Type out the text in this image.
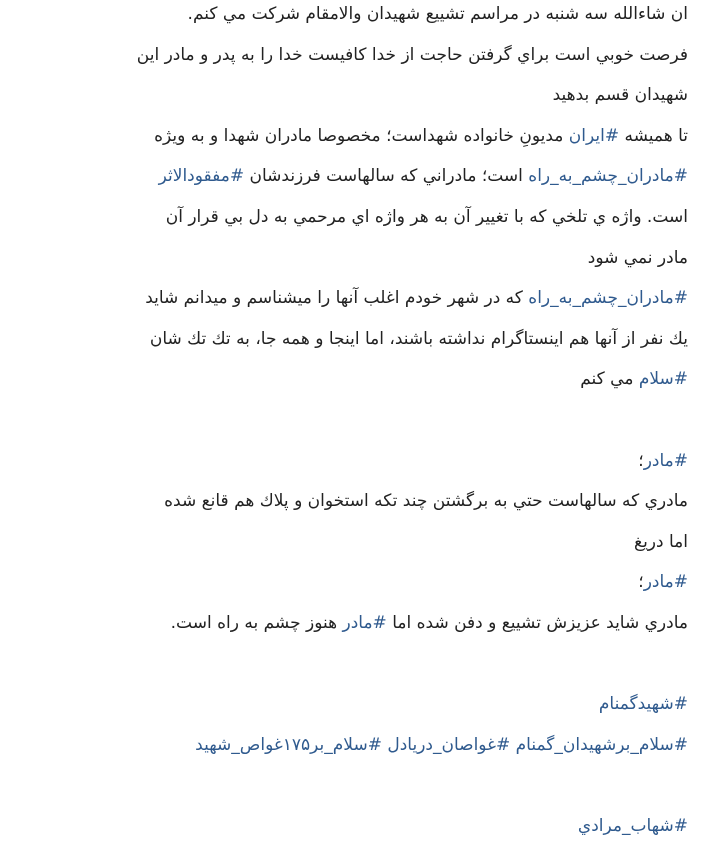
ان شاءالله سه شنبه در مراسم تشييع شهيدان والامقام شركت مي كنم.
فرصت خوبي است براي گرفتن حاجت از خدا كافيست خدا را به پدر و مادر اين
شهيدان قسم بدهيد
تا هميشه #ايران مديونِ خانواده شهداست؛ مخصوصا مادران شهدا و به ويژه
#مادران_چشم_به_راه است؛ مادراني كه سالهاست فرزندشان #مفقودالاثر
است. واژه ي تلخي كه با تغيير آن به هر واژه اي مرحمي به دل بي قرار آن
مادر نمي شود
#مادران_چشم_به_راه كه در شهر خودم اغلب آنها را ميشناسم و ميدانم شايد
يك نفر از آنها هم اينستاگرام نداشته باشند، اما اينجا و همه جا، به تك تك شان
#سلام مي كنم
#مادر؛
مادري كه سالهاست حتي به برگشتن چند تكه استخوان و پلاك هم قانع شده
اما دريغ
#مادر؛
مادري شايد عزيزش تشييع و دفن شده اما #مادر هنوز چشم به راه است.
#شهيدگمنام
#سلام_برشهيدان_گمنام #غواصان_دريادل #سلام_بر۱۷۵غواص_شهيد
#شهاب_مرادي
